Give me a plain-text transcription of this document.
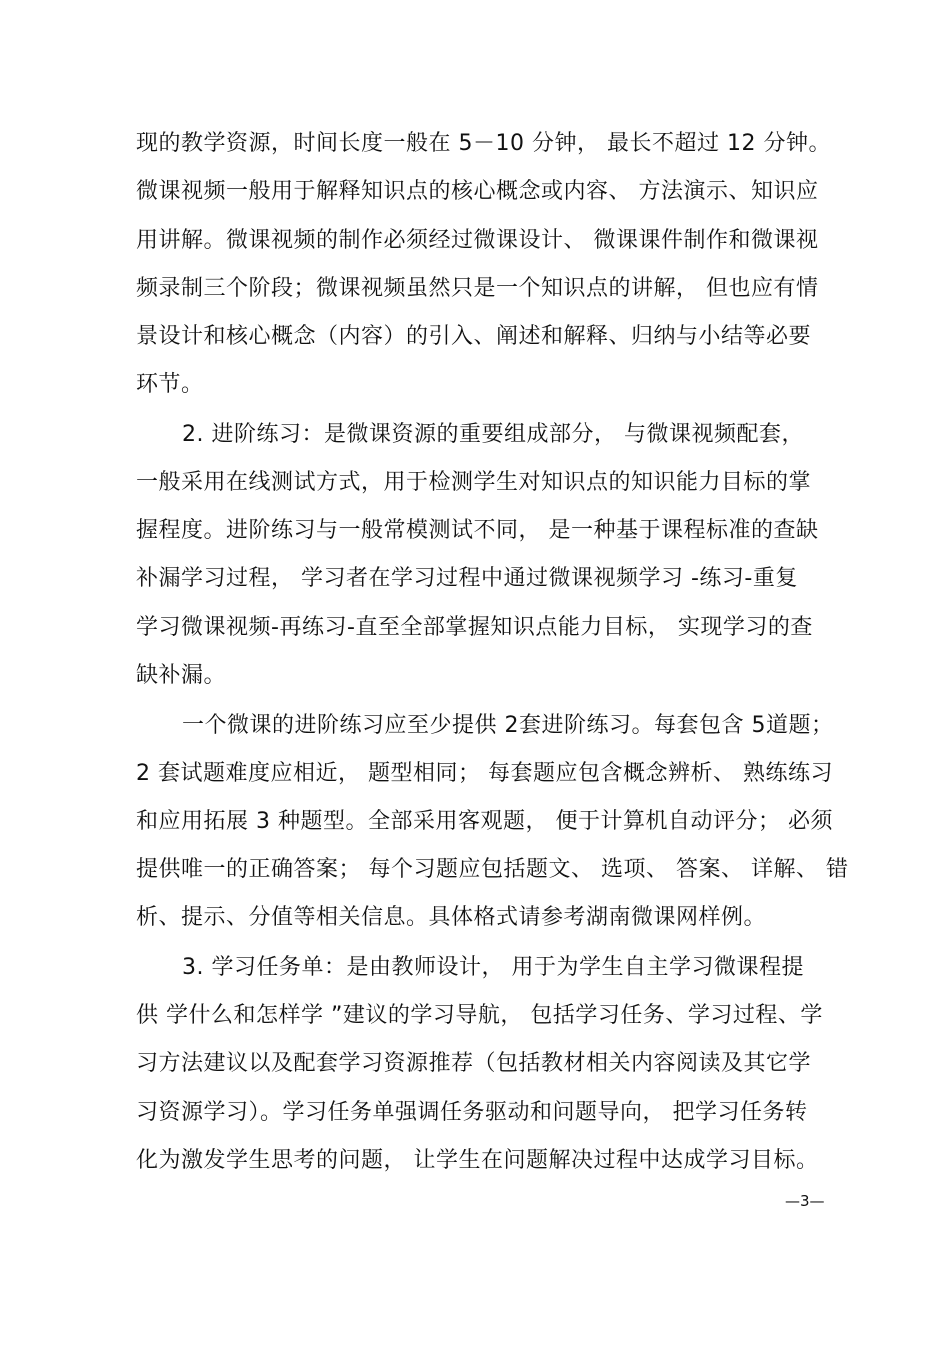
现的教学资源，时间长度一般在 5－10 分钟， 最长不超过 12 分钟。
微课视频一般用于解释知识点的核心概念或内容、 方法演示、知识应
用讲解。微课视频的制作必须经过微课设计、 微课课件制作和微课视
频录制三个阶段；微课视频虽然只是一个知识点的讲解， 但也应有情
景设计和核心概念（内容）的引入、阐述和解释、归纳与小结等必要
环节。
2. 进阶练习：是微课资源的重要组成部分， 与微课视频配套，
一般采用在线测试方式，用于检测学生对知识点的知识能力目标的掌
握程度。进阶练习与一般常模测试不同， 是一种基于课程标准的查缺
补漏学习过程， 学习者在学习过程中通过微课视频学习 -练习-重复
学习微课视频-再练习-直至全部掌握知识点能力目标， 实现学习的查
缺补漏。
一个微课的进阶练习应至少提供 2套进阶练习。每套包含 5道题；
2 套试题难度应相近， 题型相同； 每套题应包含概念辨析、 熟练练习
和应用拓展 3 种题型。全部采用客观题， 便于计算机自动评分； 必须
提供唯一的正确答案； 每个习题应包括题文、 选项、 答案、 详解、 错
析、提示、分值等相关信息。具体格式请参考湖南微课网样例。
3. 学习任务单：是由教师设计， 用于为学生自主学习微课程提
供 学什么和怎样学 ”建议的学习导航， 包括学习任务、学习过程、学
习方法建议以及配套学习资源推荐（包括教材相关内容阅读及其它学
习资源学习）。学习任务单强调任务驱动和问题导向， 把学习任务转
化为激发学生思考的问题， 让学生在问题解决过程中达成学习目标。
—3—
